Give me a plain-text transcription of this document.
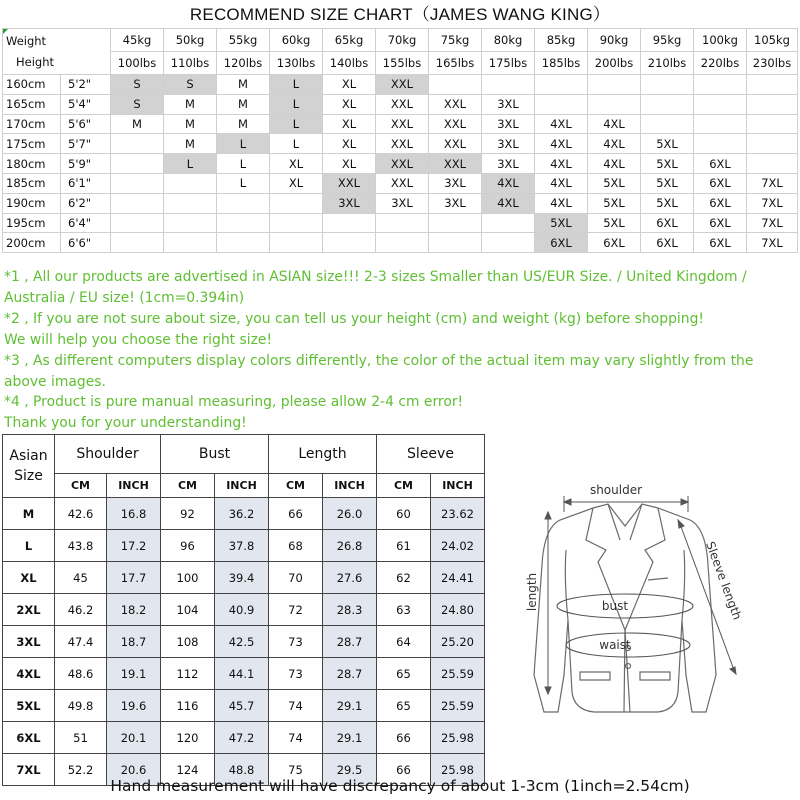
RECOMMEND SIZE CHART（JAMES WANG KING）
Weight
Height		45kg	50kg	55kg	60kg	65kg	70kg	75kg	80kg	85kg	90kg	95kg	100kg	105kg
		100lbs	110lbs	120lbs	130lbs	140lbs	155lbs	165lbs	175lbs	185lbs	200lbs	210lbs	220lbs	230lbs
160cm	5'2"	S	S	M	L	XL	XXL							
165cm	5'4"	S	M	M	L	XL	XXL	XXL	3XL					
170cm	5'6"	M	M	M	L	XL	XXL	XXL	3XL	4XL	4XL			
175cm	5'7"		M	L	L	XL	XXL	XXL	3XL	4XL	4XL	5XL		
180cm	5'9"		L	L	XL	XL	XXL	XXL	3XL	4XL	4XL	5XL	6XL	
185cm	6'1"			L	XL	XXL	XXL	3XL	4XL	4XL	5XL	5XL	6XL	7XL
190cm	6'2"					3XL	3XL	3XL	4XL	4XL	5XL	5XL	6XL	7XL
195cm	6'4"									5XL	5XL	6XL	6XL	7XL
200cm	6'6"									6XL	6XL	6XL	6XL	7XL
*1 , All our products are advertised in ASIAN size!!! 2-3 sizes Smaller than US/EUR Size. / United Kingdom / Australia / EU size! (1cm=0.394in)
*2 , If you are not sure about size, you can tell us your height (cm) and weight (kg) before shopping!
We will help you choose the right size!
*3 , As different computers display colors differently, the color of the actual item may vary slightly from the above images.
*4 , Product is pure manual measuring, please allow 2-4 cm error!
Thank you for your understanding!
Asian
Size	Shoulder		Bust		Length		Sleeve	
	CM	INCH	CM	INCH	CM	INCH	CM	INCH
M	42.6	16.8	92	36.2	66	26.0	60	23.62
L	43.8	17.2	96	37.8	68	26.8	61	24.02
XL	45	17.7	100	39.4	70	27.6	62	24.41
2XL	46.2	18.2	104	40.9	72	28.3	63	24.80
3XL	47.4	18.7	108	42.5	73	28.7	64	25.20
4XL	48.6	19.1	112	44.1	73	28.7	65	25.59
5XL	49.8	19.6	116	45.7	74	29.1	65	25.59
6XL	51	20.1	120	47.2	74	29.1	66	25.98
7XL	52.2	20.6	124	48.8	75	29.5	66	25.98
shoulder
length	Sleeve length
bust
waist
Hand measurement will have discrepancy of about 1-3cm (1inch=2.54cm)
